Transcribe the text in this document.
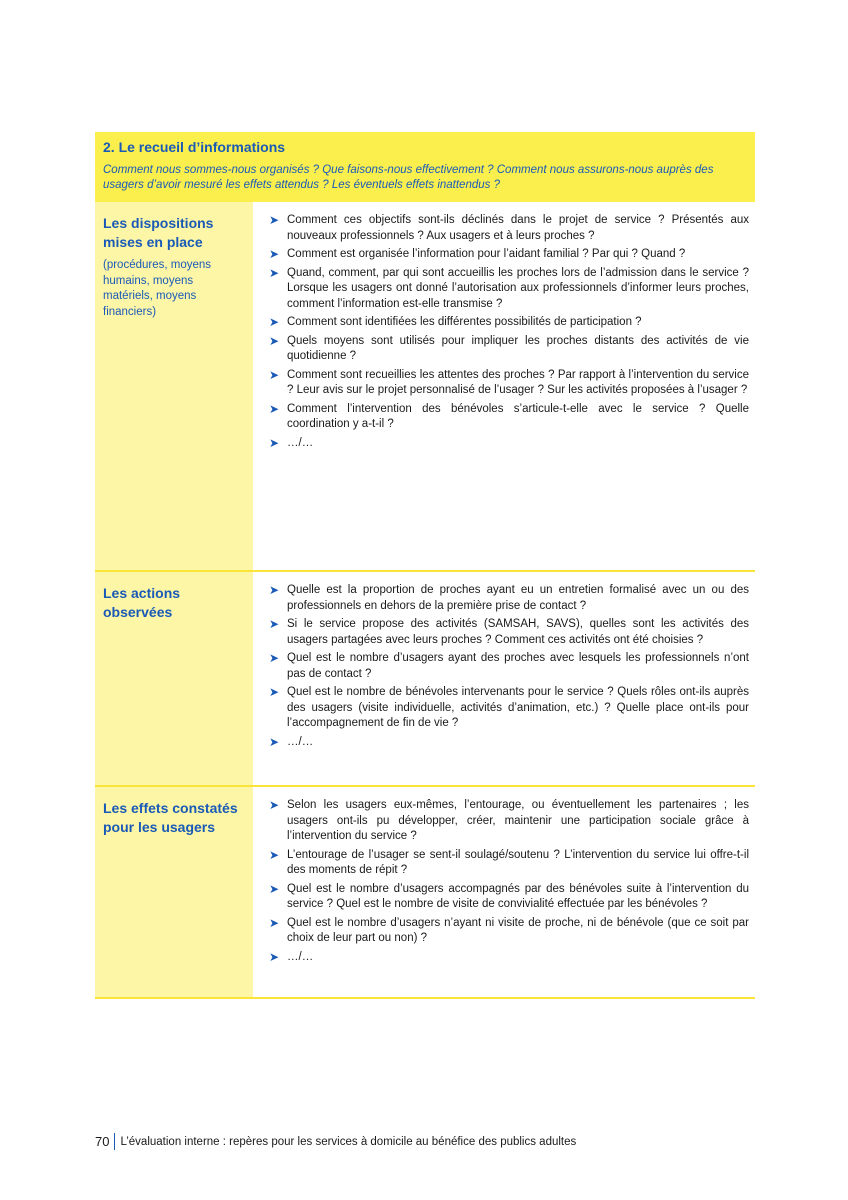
2. Le recueil d’informations

Comment nous sommes-nous organisés ? Que faisons-nous effectivement ? Comment nous assurons-nous auprès des usagers d’avoir mesuré les effets attendus ? Les éventuels effets inattendus ?

Les dispositions mises en place

(procédures, moyens humains, moyens matériels, moyens financiers)
➤ Comment ces objectifs sont-ils déclinés dans le projet de service ? Présentés aux nouveaux professionnels ? Aux usagers et à leurs proches ?
➤ Comment est organisée l’information pour l’aidant familial ? Par qui ? Quand ?
➤ Quand, comment, par qui sont accueillis les proches lors de l’admission dans le service ? Lorsque les usagers ont donné l’autorisation aux professionnels d’informer leurs proches, comment l’information est-elle transmise ?
➤ Comment sont identifiées les différentes possibilités de participation ?
➤ Quels moyens sont utilisés pour impliquer les proches distants des activités de vie quotidienne ?
➤ Comment sont recueillies les attentes des proches ? Par rapport à l’intervention du service ? Leur avis sur le projet personnalisé de l’usager ? Sur les activités proposées à l’usager ?
➤ Comment l’intervention des bénévoles s’articule-t-elle avec le service ? Quelle coordination y a-t-il ?
➤ …/…

Les actions observées

➤ Quelle est la proportion de proches ayant eu un entretien formalisé avec un ou des professionnels en dehors de la première prise de contact ?
➤ Si le service propose des activités (SAMSAH, SAVS), quelles sont les activités des usagers partagées avec leurs proches ? Comment ces activités ont été choisies ?
➤ Quel est le nombre d’usagers ayant des proches avec lesquels les professionnels n’ont pas de contact ?
➤ Quel est le nombre de bénévoles intervenants pour le service ? Quels rôles ont-ils auprès des usagers (visite individuelle, activités d’animation, etc.) ? Quelle place ont-ils pour l’accompagnement de fin de vie ?
➤ …/…

Les effets constatés pour les usagers

➤ Selon les usagers eux-mêmes, l’entourage, ou éventuellement les partenaires ; les usagers ont-ils pu développer, créer, maintenir une participation sociale grâce à l’intervention du service ?
➤ L’entourage de l’usager se sent-il soulagé/soutenu ? L’intervention du service lui offre-t-il des moments de répit ?
➤ Quel est le nombre d’usagers accompagnés par des bénévoles suite à l’intervention du service ? Quel est le nombre de visite de convivialité effectuée par les bénévoles ?
➤ Quel est le nombre d’usagers n’ayant ni visite de proche, ni de bénévole (que ce soit par choix de leur part ou non) ?
➤ …/…
70 L’évaluation interne : repères pour les services à domicile au bénéfice des publics adultes
